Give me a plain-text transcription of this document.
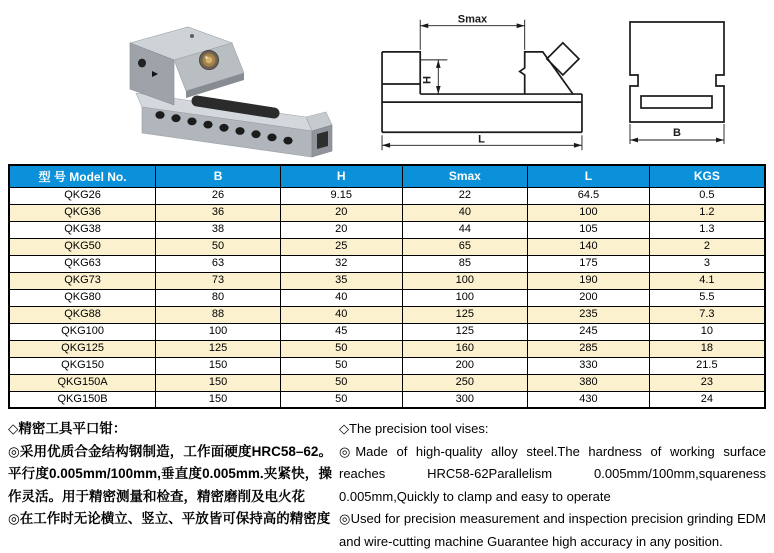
Smax
H
L
B
型 号 Model No.	B	H	Smax	L	KGS
QKG26	26	9.15	22	64.5	0.5
QKG36	36	20	40	100	1.2
QKG38	38	20	44	105	1.3
QKG50	50	25	65	140	2
QKG63	63	32	85	175	3
QKG73	73	35	100	190	4.1
QKG80	80	40	100	200	5.5
QKG88	88	40	125	235	7.3
QKG100	100	45	125	245	10
QKG125	125	50	160	285	18
QKG150	150	50	200	330	21.5
QKG150A	150	50	250	380	23
QKG150B	150	50	300	430	24

◇精密工具平口钳：

◎采用优质合金结构钢制造，工作面硬度HRC58–62。平行度0.005mm/100mm,垂直度0.005mm.夹紧快，操作灵活。用于精密测量和检查，精密磨削及电火花

◎在工作时无论横立、竖立、平放皆可保持高的精密度

◇The precision tool vises:

◎Made of high-quality alloy steel.The hardness of working surface reaches HRC58-62Parallelism 0.005mm/100mm,squareness 0.005mm,Quickly to clamp and easy to operate

◎Used for precision measurement and inspection precision grinding EDM and wire-cutting machine Guarantee high accuracy in any position.
